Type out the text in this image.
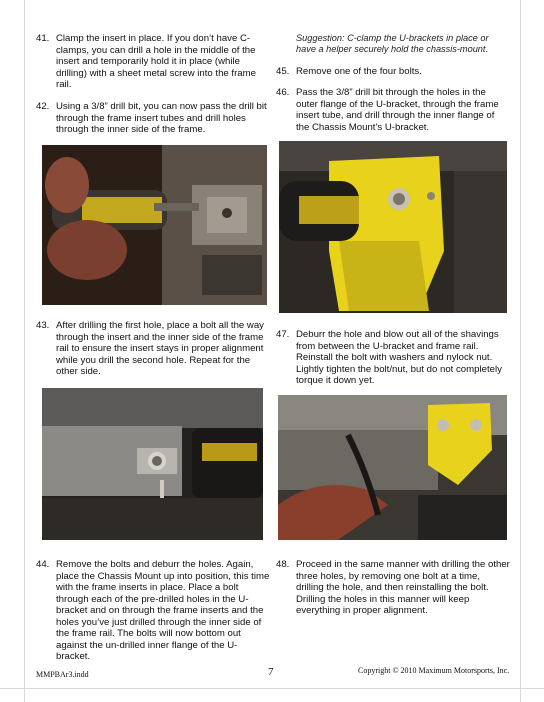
41. Clamp the insert in place. If you don’t have C-clamps, you can drill a hole in the middle of the insert and temporarily hold it in place (while drilling) with a sheet metal screw into the frame rail.
42. Using a 3/8” drill bit, you can now pass the drill bit through the frame insert tubes and drill holes through the inner side of the frame.
43. After drilling the first hole, place a bolt all the way through the insert and the inner side of the frame rail to ensure the insert stays in proper alignment while you drill the second hole. Repeat for the other side.
44. Remove the bolts and deburr the holes. Again, place the Chassis Mount up into position, this time with the frame inserts in place. Place a bolt through each of the pre-drilled holes in the U-bracket and on through the frame inserts and the holes you’ve just drilled through the inner side of the frame rail. The bolts will now bottom out against the un-drilled inner flange of the U-bracket.
Suggestion: C-clamp the U-brackets in place or have a helper securely hold the chassis-mount.
45. Remove one of the four bolts.
46. Pass the 3/8” drill bit through the holes in the outer flange of the U-bracket, through the frame insert tube, and drill through the inner flange of the Chassis Mount’s U-bracket.
47. Deburr the hole and blow out all of the shavings from between the U-bracket and frame rail. Reinstall the bolt with washers and nylock nut. Lightly tighten the bolt/nut, but do not completely torque it down yet.
48. Proceed in the same manner with drilling the other three holes, by removing one bolt at a time, drilling the hole, and then reinstalling the bolt. Drilling the holes in this manner will keep everything in proper alignment.
MMPBAr3.indd	7	Copyright © 2010 Maximum Motorsports, Inc.
